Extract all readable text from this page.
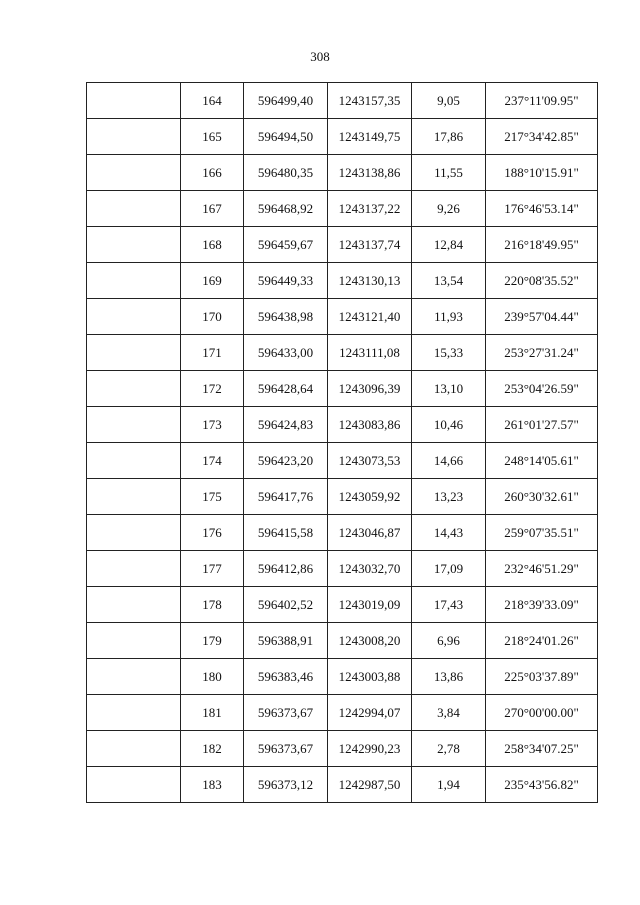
308
	164	596499,40	1243157,35	9,05	237°11'09.95"
	165	596494,50	1243149,75	17,86	217°34'42.85"
	166	596480,35	1243138,86	11,55	188°10'15.91"
	167	596468,92	1243137,22	9,26	176°46'53.14"
	168	596459,67	1243137,74	12,84	216°18'49.95"
	169	596449,33	1243130,13	13,54	220°08'35.52"
	170	596438,98	1243121,40	11,93	239°57'04.44"
	171	596433,00	1243111,08	15,33	253°27'31.24"
	172	596428,64	1243096,39	13,10	253°04'26.59"
	173	596424,83	1243083,86	10,46	261°01'27.57"
	174	596423,20	1243073,53	14,66	248°14'05.61"
	175	596417,76	1243059,92	13,23	260°30'32.61"
	176	596415,58	1243046,87	14,43	259°07'35.51"
	177	596412,86	1243032,70	17,09	232°46'51.29"
	178	596402,52	1243019,09	17,43	218°39'33.09"
	179	596388,91	1243008,20	6,96	218°24'01.26"
	180	596383,46	1243003,88	13,86	225°03'37.89"
	181	596373,67	1242994,07	3,84	270°00'00.00"
	182	596373,67	1242990,23	2,78	258°34'07.25"
	183	596373,12	1242987,50	1,94	235°43'56.82"
